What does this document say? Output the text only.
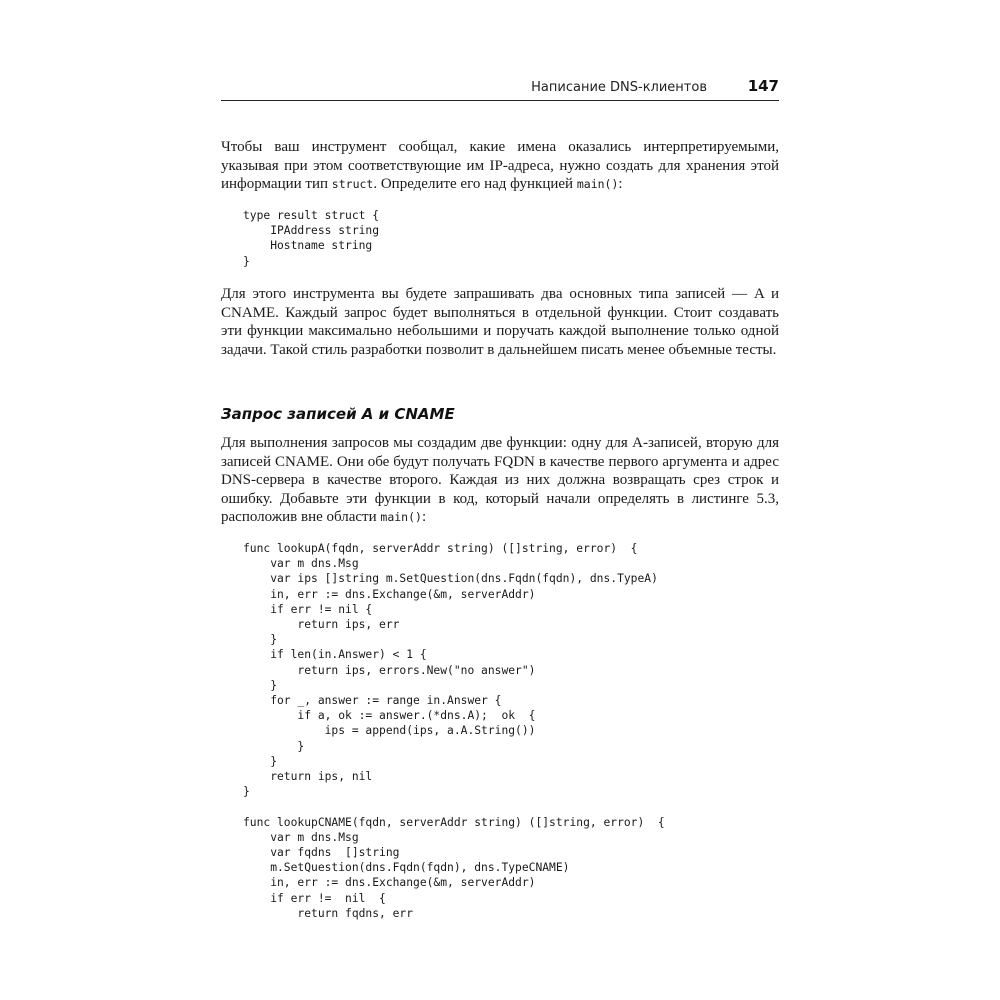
Написание DNS-клиентов	147

Чтобы ваш инструмент сообщал, какие имена оказались интерпретируемыми, указывая при этом соответствующие им IP-адреса, нужно создать для хранения этой информации тип struct. Определите его над функцией main():

type result struct {
IPAddress string
Hostname string
}

Для этого инструмента вы будете запрашивать два основных типа записей — A и CNAME. Каждый запрос будет выполняться в отдельной функции. Стоит создавать эти функции максимально небольшими и поручать каждой выполнение только одной задачи. Такой стиль разработки позволит в дальнейшем писать менее объемные тесты.

Запрос записей A и CNAME

Для выполнения запросов мы создадим две функции: одну для A-записей, вторую для записей CNAME. Они обе будут получать FQDN в качестве первого аргумента и адрес DNS-сервера в качестве второго. Каждая из них должна возвращать срез строк и ошибку. Добавьте эти функции в код, который начали определять в листинге 5.3, расположив вне области main():

func lookupA(fqdn, serverAddr string) ([]string, error)  {
var m dns.Msg
var ips []string m.SetQuestion(dns.Fqdn(fqdn), dns.TypeA)
in, err := dns.Exchange(&m, serverAddr)
if err != nil {
return ips, err
}
if len(in.Answer) < 1 {
return ips, errors.New("no answer")
}
for _, answer := range in.Answer {
if a, ok := answer.(*dns.A);  ok  {
ips = append(ips, a.A.String())
}
}
return ips, nil
}

func lookupCNAME(fqdn, serverAddr string) ([]string, error)  {
var m dns.Msg
var fqdns  []string
m.SetQuestion(dns.Fqdn(fqdn), dns.TypeCNAME)
in, err := dns.Exchange(&m, serverAddr)
if err !=  nil  {
return fqdns, err
